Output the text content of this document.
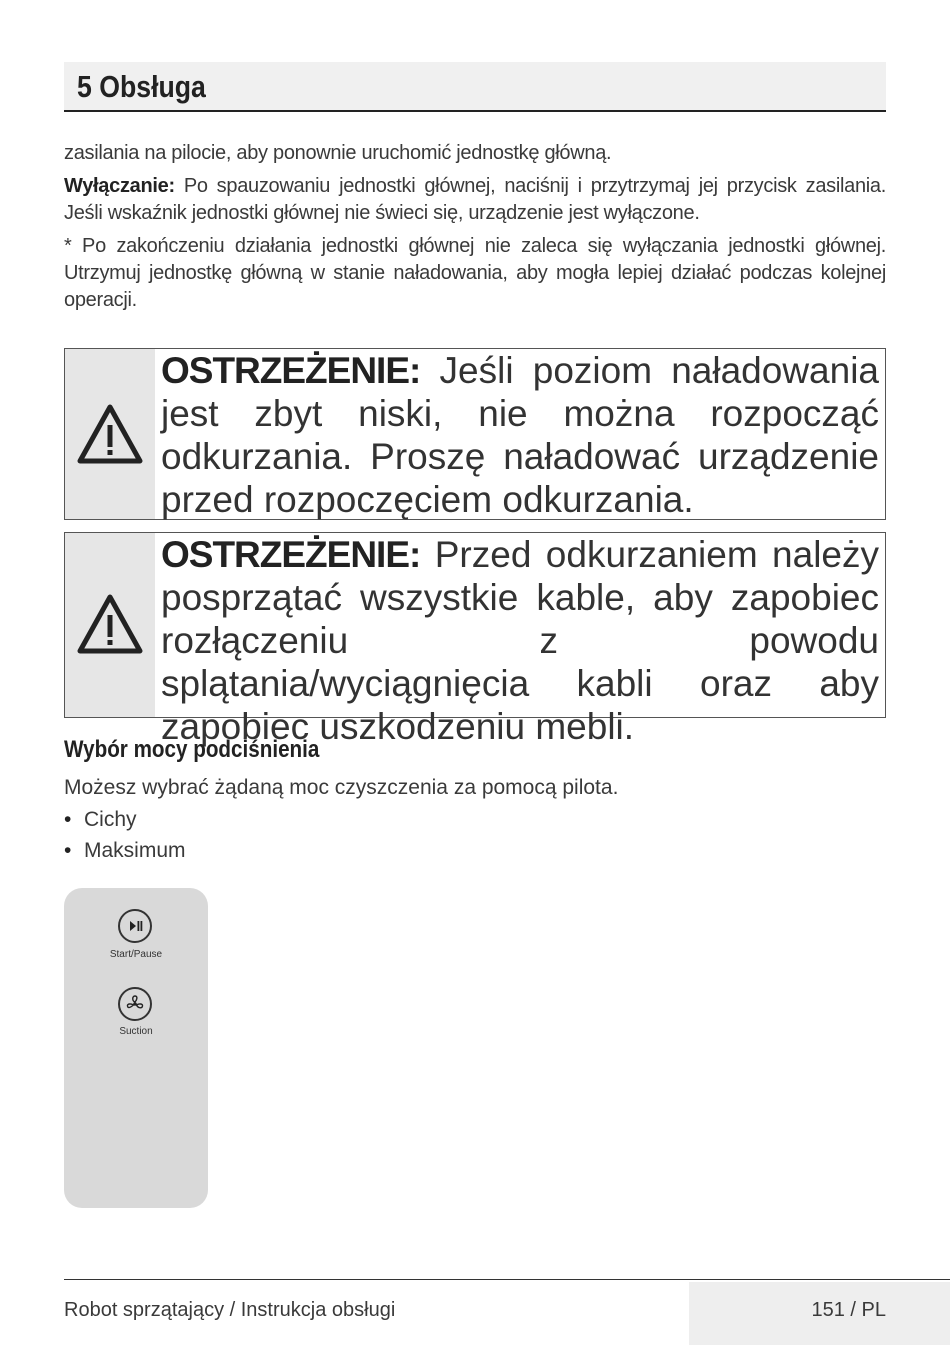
5 Obsługa

zasilania na pilocie, aby ponownie uruchomić jednostkę główną.

Wyłączanie: Po spauzowaniu jednostki głównej, naciśnij i przytrzymaj jej przycisk zasilania. Jeśli wskaźnik jednostki głównej nie świeci się, urządzenie jest wyłączone.

* Po zakończeniu działania jednostki głównej nie zaleca się wyłączania jednostki głównej. Utrzymuj jednostkę główną w stanie naładowania, aby mogła lepiej działać podczas kolejnej operacji.

OSTRZEŻENIE: Jeśli poziom naładowania jest zbyt niski, nie można rozpocząć odkurzania. Proszę naładować urządzenie przed rozpoczęciem odkurzania.
OSTRZEŻENIE: Przed odkurzaniem należy posprzątać wszystkie kable, aby zapobiec rozłączeniu z powodu splątania/wyciągnięcia kabli oraz aby zapobiec uszkodzeniu mebli.
Wybór mocy podciśnienia

Możesz wybrać żądaną moc czyszczenia za pomocą pilota.

• Cichy
• Maksimum
Start/Pause
Suction
Robot sprzątający / Instrukcja obsługi	151 / PL
